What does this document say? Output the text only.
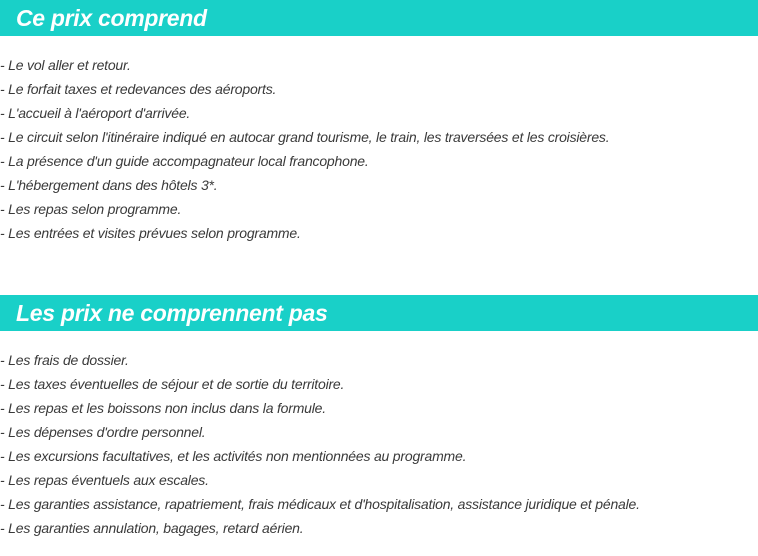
Ce prix comprend
- Le vol aller et retour.
- Le forfait taxes et redevances des aéroports.
- L'accueil à l'aéroport d'arrivée.
- Le circuit selon l'itinéraire indiqué en autocar grand tourisme, le train, les traversées et les croisières.
- La présence d'un guide accompagnateur local francophone.
- L'hébergement dans des hôtels 3*.
- Les repas selon programme.
- Les entrées et visites prévues selon programme.
Les prix ne comprennent pas
- Les frais de dossier.
- Les taxes éventuelles de séjour et de sortie du territoire.
- Les repas et les boissons non inclus dans la formule.
- Les dépenses d'ordre personnel.
- Les excursions facultatives, et les activités non mentionnées au programme.
- Les repas éventuels aux escales.
- Les garanties assistance, rapatriement, frais médicaux et d'hospitalisation, assistance juridique et pénale.
- Les garanties annulation, bagages, retard aérien.
